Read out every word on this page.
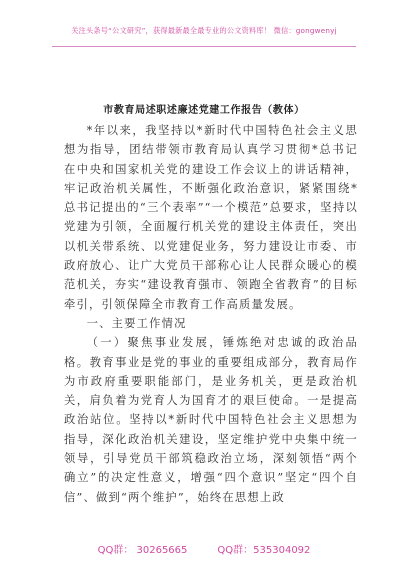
关注头条号“公文研究”，获得最新最全最专业的公文资料库！ 微信：gongwenyj
市教育局述职述廉述党建工作报告（教体）

*年以来，我坚持以*新时代中国特色社会主义思想为指导，团结带领市教育局认真学习贯彻*总书记在中央和国家机关党的建设工作会议上的讲话精神，牢记政治机关属性，不断强化政治意识，紧紧围绕*总书记提出的“三个表率”“一个模范”总要求，坚持以党建为引领，全面履行机关党的建设主体责任，突出以机关带系统、以党建促业务，努力建设让市委、市政府放心、让广大党员干部称心让人民群众暖心的模范机关，夯实“建设教育强市、领跑全省教育”的目标牵引，引领保障全市教育工作高质量发展。

一、主要工作情况

（一）聚焦事业发展，锤炼绝对忠诚的政治品格。教育事业是党的事业的重要组成部分，教育局作为市政府重要职能部门，是业务机关，更是政治机关，肩负着为党育人为国育才的艰巨使命。一是提高政治站位。坚持以*新时代中国特色社会主义思想为指导，深化政治机关建设，坚定维护党中央集中统一领导，引导党员干部筑稳政治立场，深刻领悟“两个确立”的决定性意义，增强“四个意识”坚定“四个自信”、做到“两个维护”，始终在思想上政

QQ群： 30265665	QQ群：535304092
